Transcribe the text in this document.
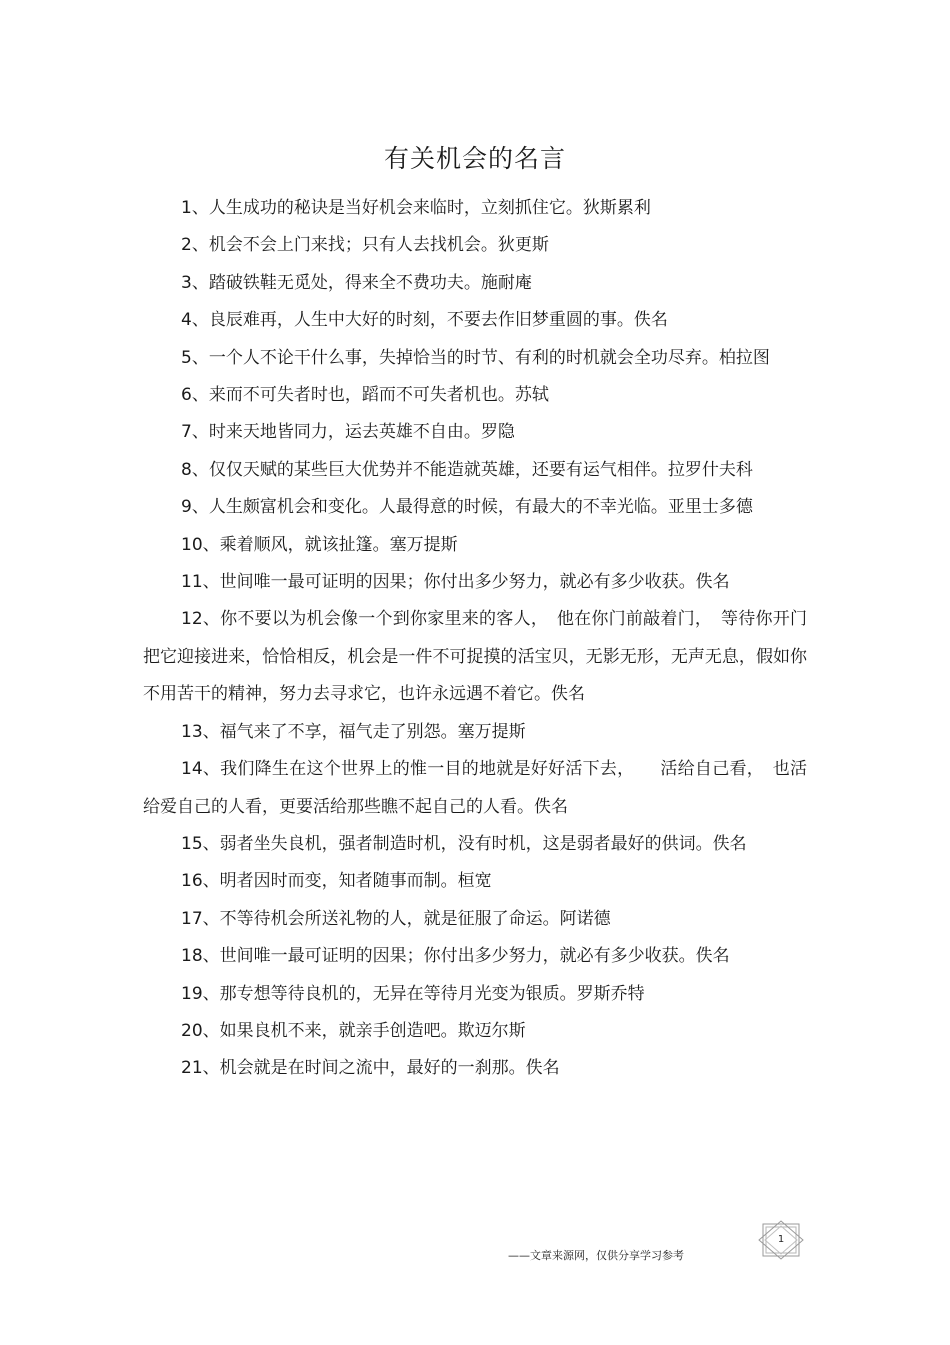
有关机会的名言

1、人生成功的秘诀是当好机会来临时，立刻抓住它。狄斯累利

2、机会不会上门来找；只有人去找机会。狄更斯

3、踏破铁鞋无觅处，得来全不费功夫。施耐庵

4、良辰难再，人生中大好的时刻，不要去作旧梦重圆的事。佚名

5、一个人不论干什么事，失掉恰当的时节、有利的时机就会全功尽弃。柏拉图

6、来而不可失者时也，蹈而不可失者机也。苏轼

7、时来天地皆同力，运去英雄不自由。罗隐

8、仅仅天赋的某些巨大优势并不能造就英雄，还要有运气相伴。拉罗什夫科

9、人生颇富机会和变化。人最得意的时候，有最大的不幸光临。亚里士多德

10、乘着顺风，就该扯篷。塞万提斯

11、世间唯一最可证明的因果；你付出多少努力，就必有多少收获。佚名

12、你不要以为机会像一个到你家里来的客人，　他在你门前敲着门，　等待你开门把它迎接进来，恰恰相反，机会是一件不可捉摸的活宝贝，无影无形，无声无息，假如你不用苦干的精神，努力去寻求它，也许永远遇不着它。佚名

13、福气来了不享，福气走了别怨。塞万提斯

14、我们降生在这个世界上的惟一目的地就是好好活下去，　　活给自己看，　也活给爱自己的人看，更要活给那些瞧不起自己的人看。佚名

15、弱者坐失良机，强者制造时机，没有时机，这是弱者最好的供词。佚名

16、明者因时而变，知者随事而制。桓宽

17、不等待机会所送礼物的人，就是征服了命运。阿诺德

18、世间唯一最可证明的因果；你付出多少努力，就必有多少收获。佚名

19、那专想等待良机的，无异在等待月光变为银质。罗斯乔特

20、如果良机不来，就亲手创造吧。欺迈尔斯

21、机会就是在时间之流中，最好的一刹那。佚名

——文章来源网，仅供分享学习参考
1
